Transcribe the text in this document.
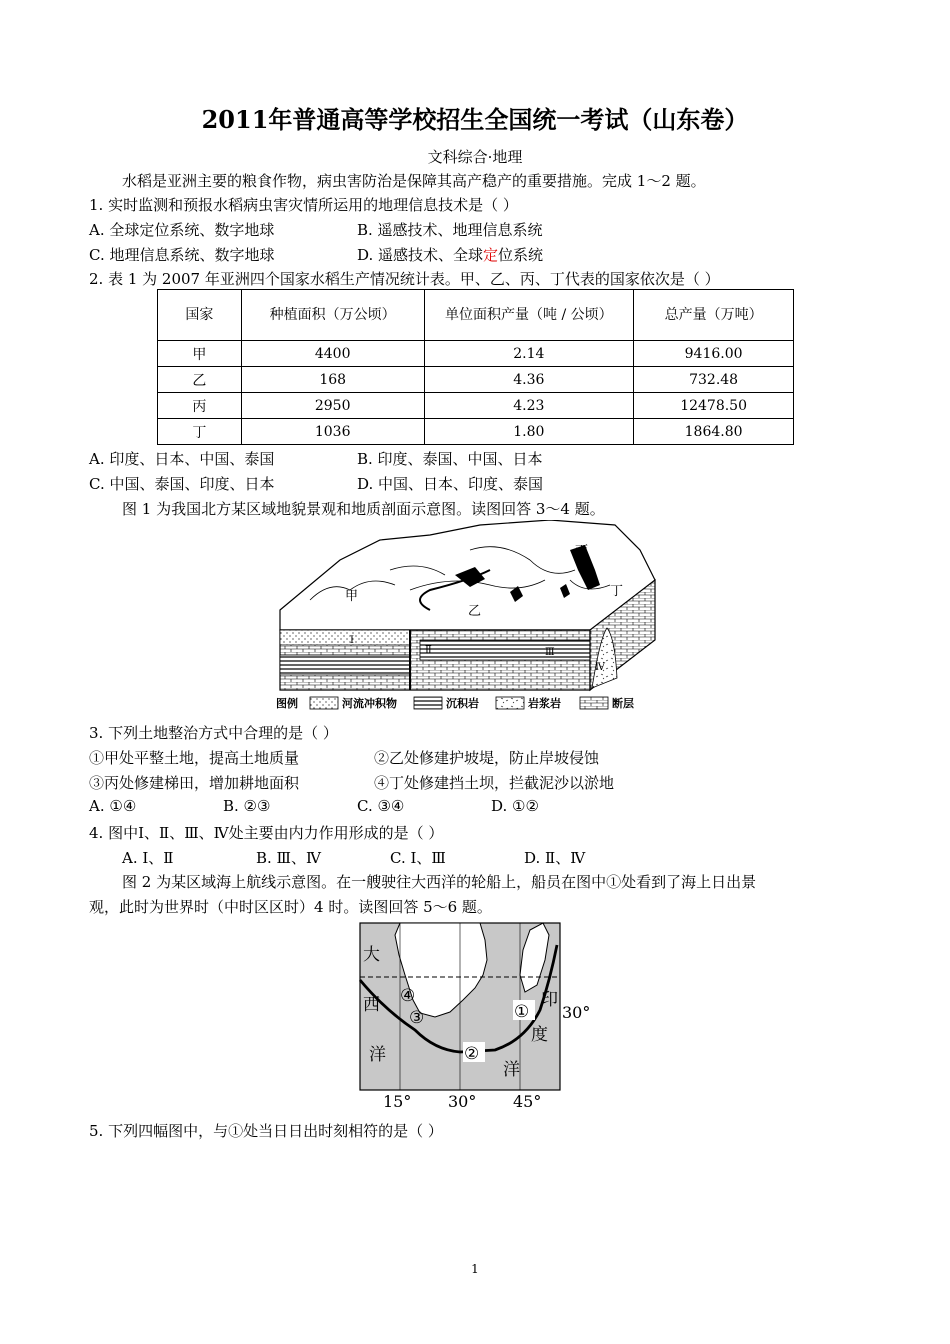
2011年普通高等学校招生全国统一考试（山东卷）
文科综合·地理
水稻是亚洲主要的粮食作物，病虫害防治是保障其高产稳产的重要措施。完成 1～2 题。
1. 实时监测和预报水稻病虫害灾情所运用的地理信息技术是（ ）
A. 全球定位系统、数字地球	B. 遥感技术、地理信息系统
C. 地理信息系统、数字地球	D. 遥感技术、全球定位系统
2. 表 1 为 2007 年亚洲四个国家水稻生产情况统计表。甲、乙、丙、丁代表的国家依次是（ ）
国家	种植面积（万公顷）	单位面积产量（吨 / 公顷）	总产量（万吨）
甲	4400	2.14	9416.00
乙	168	4.36	732.48
丙	2950	4.23	12478.50
丁	1036	1.80	1864.80
A. 印度、日本、中国、泰国	B. 印度、泰国、中国、日本
C. 中国、泰国、印度、日本	D. 中国、日本、印度、泰国
图 1 为我国北方某区域地貌景观和地质剖面示意图。读图回答 3～4 题。
甲
乙
丙
丁
Ⅰ
Ⅱ	Ⅲ
Ⅳ
图例	河流冲积物	沉积岩	岩浆岩	断层
3. 下列土地整治方式中合理的是（ ）
①甲处平整土地，提高土地质量	②乙处修建护坡堤，防止岸坡侵蚀
③丙处修建梯田，增加耕地面积	④丁处修建挡土坝，拦截泥沙以淤地
A. ①④	B. ②③	C. ③④	D. ①②
4. 图中Ⅰ、Ⅱ、Ⅲ、Ⅳ处主要由内力作用形成的是（ ）
A. Ⅰ、Ⅱ	B. Ⅲ、Ⅳ	C. Ⅰ、Ⅲ	D. Ⅱ、Ⅳ
图 2 为某区域海上航线示意图。在一艘驶往大西洋的轮船上，船员在图中①处看到了海上日出景
观，此时为世界时（中时区区时）4 时。读图回答 5～6 题。
大
西
洋
印
度
洋
①
②
③
④
30°
15° 30° 45°
5. 下列四幅图中，与①处当日日出时刻相符的是（ ）
1
